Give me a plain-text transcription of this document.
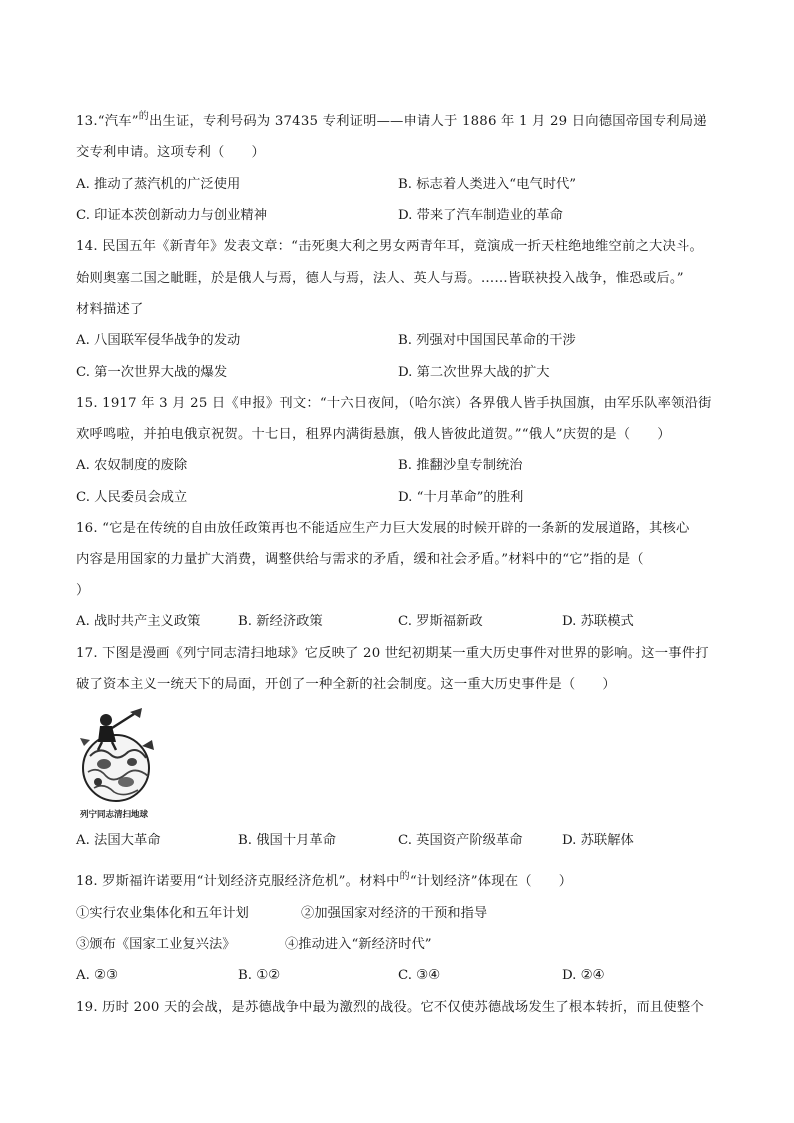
13.“汽车”$^的$出生证，专利号码为 37435 专利证明——申请人于 1886 年 1 月 29 日向德国帝国专利局递
交专利申请。这项专利（　　）
A. 推动了蒸汽机的广泛使用	B. 标志着人类进入“电气时代”
C. 印证本茨创新动力与创业精神	D. 带来了汽车制造业的革命
14. 民国五年《新青年》发表文章：“击死奥大利之男女两青年耳，竟演成一折天柱绝地维空前之大决斗。
始则奥塞二国之眦睚，於是俄人与焉，德人与焉，法人、英人与焉。……皆联袂投入战争，惟恐或后。”
材料描述了
A. 八国联军侵华战争的发动	B. 列强对中国国民革命的干涉
C. 第一次世界大战的爆发	D. 第二次世界大战的扩大
15. 1917 年 3 月 25 日《申报》刊文：“十六日夜间，（哈尔滨）各界俄人皆手执国旗，由军乐队率领沿街
欢呼鸣啦，并拍电俄京祝贺。十七日，租界内满街悬旗，俄人皆彼此道贺。”“俄人”庆贺的是（　　）
A. 农奴制度的废除	B. 推翻沙皇专制统治
C. 人民委员会成立	D. “十月革命”的胜利
16. “它是在传统的自由放任政策再也不能适应生产力巨大发展的时候开辟的一条新的发展道路，其核心
内容是用国家的力量扩大消费，调整供给与需求的矛盾，缓和社会矛盾。”材料中的“它”指的是（
）
A. 战时共产主义政策	B. 新经济政策	C. 罗斯福新政	D. 苏联模式
17. 下图是漫画《列宁同志清扫地球》它反映了 20 世纪初期某一重大历史事件对世界的影响。这一事件打
破了资本主义一统天下的局面，开创了一种全新的社会制度。这一重大历史事件是（　　）
列宁同志清扫地球
A. 法国大革命	B. 俄国十月革命	C. 英国资产阶级革命	D. 苏联解体
18. 罗斯福许诺要用“计划经济克服经济危机”。材料中$^的$“计划经济”体现在（　　）
①实行农业集体化和五年计划	②加强国家对经济的干预和指导
③颁布《国家工业复兴法》	④推动进入“新经济时代”
A. ②③	B. ①②	C. ③④	D. ②④
19. 历时 200 天的会战，是苏德战争中最为激烈的战役。它不仅使苏德战场发生了根本转折，而且使整个
